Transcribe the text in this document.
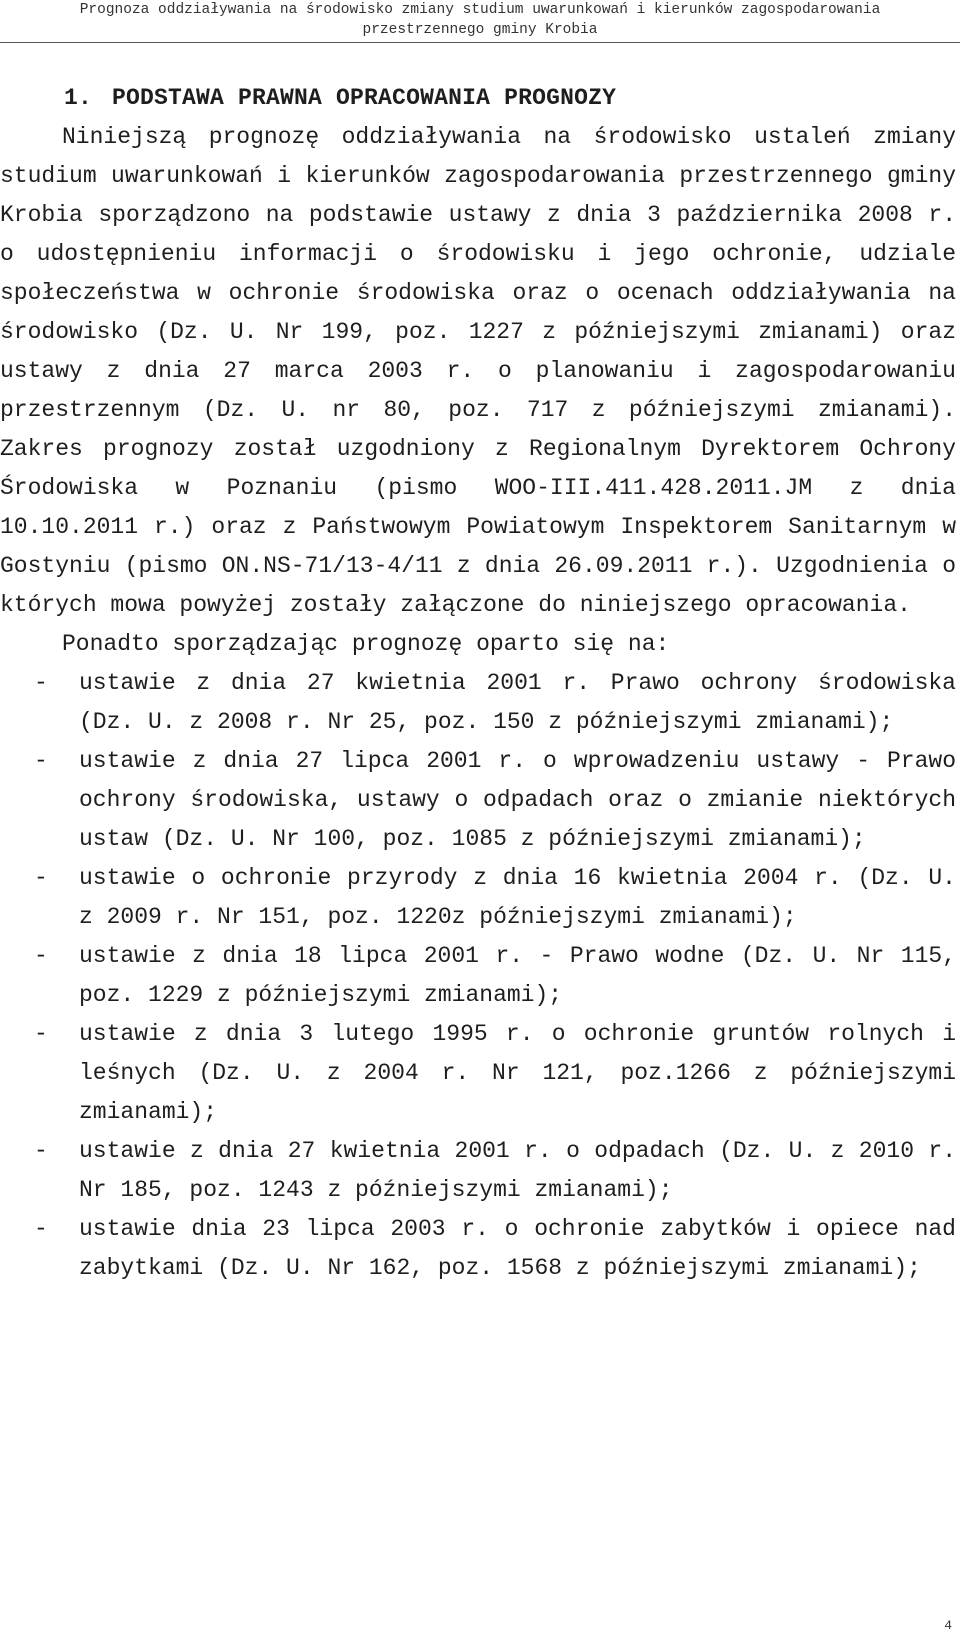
Prognoza oddziaływania na środowisko zmiany studium uwarunkowań i kierunków zagospodarowania
przestrzennego gminy Krobia

1. PODSTAWA PRAWNA OPRACOWANIA PROGNOZY

Niniejszą prognozę oddziaływania na środowisko ustaleń zmiany studium uwarunkowań i kierunków zagospodarowania przestrzennego gminy Krobia sporządzono na podstawie ustawy z dnia 3 października 2008 r. o udostępnieniu informacji o środowisku i jego ochronie, udziale społeczeństwa w ochronie środowiska oraz o ocenach oddziaływania na środowisko (Dz. U. Nr 199, poz. 1227 z późniejszymi zmianami) oraz ustawy z dnia 27 marca 2003 r. o planowaniu i zagospodarowaniu przestrzennym (Dz. U. nr 80, poz. 717 z późniejszymi zmianami). Zakres prognozy został uzgodniony z Regionalnym Dyrektorem Ochrony Środowiska w Poznaniu (pismo WOO-III.411.428.2011.JM z dnia 10.10.2011 r.) oraz z Państwowym Powiatowym Inspektorem Sanitarnym w Gostyniu (pismo ON.NS-71/13-4/11 z dnia 26.09.2011 r.). Uzgodnienia o których mowa powyżej zostały załączone do niniejszego opracowania.

Ponadto sporządzając prognozę oparto się na:

- ustawie z dnia 27 kwietnia 2001 r. Prawo ochrony środowiska (Dz. U. z 2008 r. Nr 25, poz. 150 z późniejszymi zmianami);
- ustawie z dnia 27 lipca 2001 r. o wprowadzeniu ustawy - Prawo ochrony środowiska, ustawy o odpadach oraz o zmianie niektórych ustaw (Dz. U. Nr 100, poz. 1085 z późniejszymi zmianami);
- ustawie o ochronie przyrody z dnia 16 kwietnia 2004 r. (Dz. U. z 2009 r. Nr 151, poz. 1220z późniejszymi zmianami);
- ustawie z dnia 18 lipca 2001 r. - Prawo wodne (Dz. U. Nr 115, poz. 1229 z późniejszymi zmianami);
- ustawie z dnia 3 lutego 1995 r. o ochronie gruntów rolnych i leśnych (Dz. U. z 2004 r. Nr 121, poz.1266 z późniejszymi zmianami);
- ustawie z dnia 27 kwietnia 2001 r. o odpadach (Dz. U. z 2010 r. Nr 185, poz. 1243 z późniejszymi zmianami);
- ustawie dnia 23 lipca 2003 r. o ochronie zabytków i opiece nad zabytkami (Dz. U. Nr 162, poz. 1568 z późniejszymi zmianami);
4
